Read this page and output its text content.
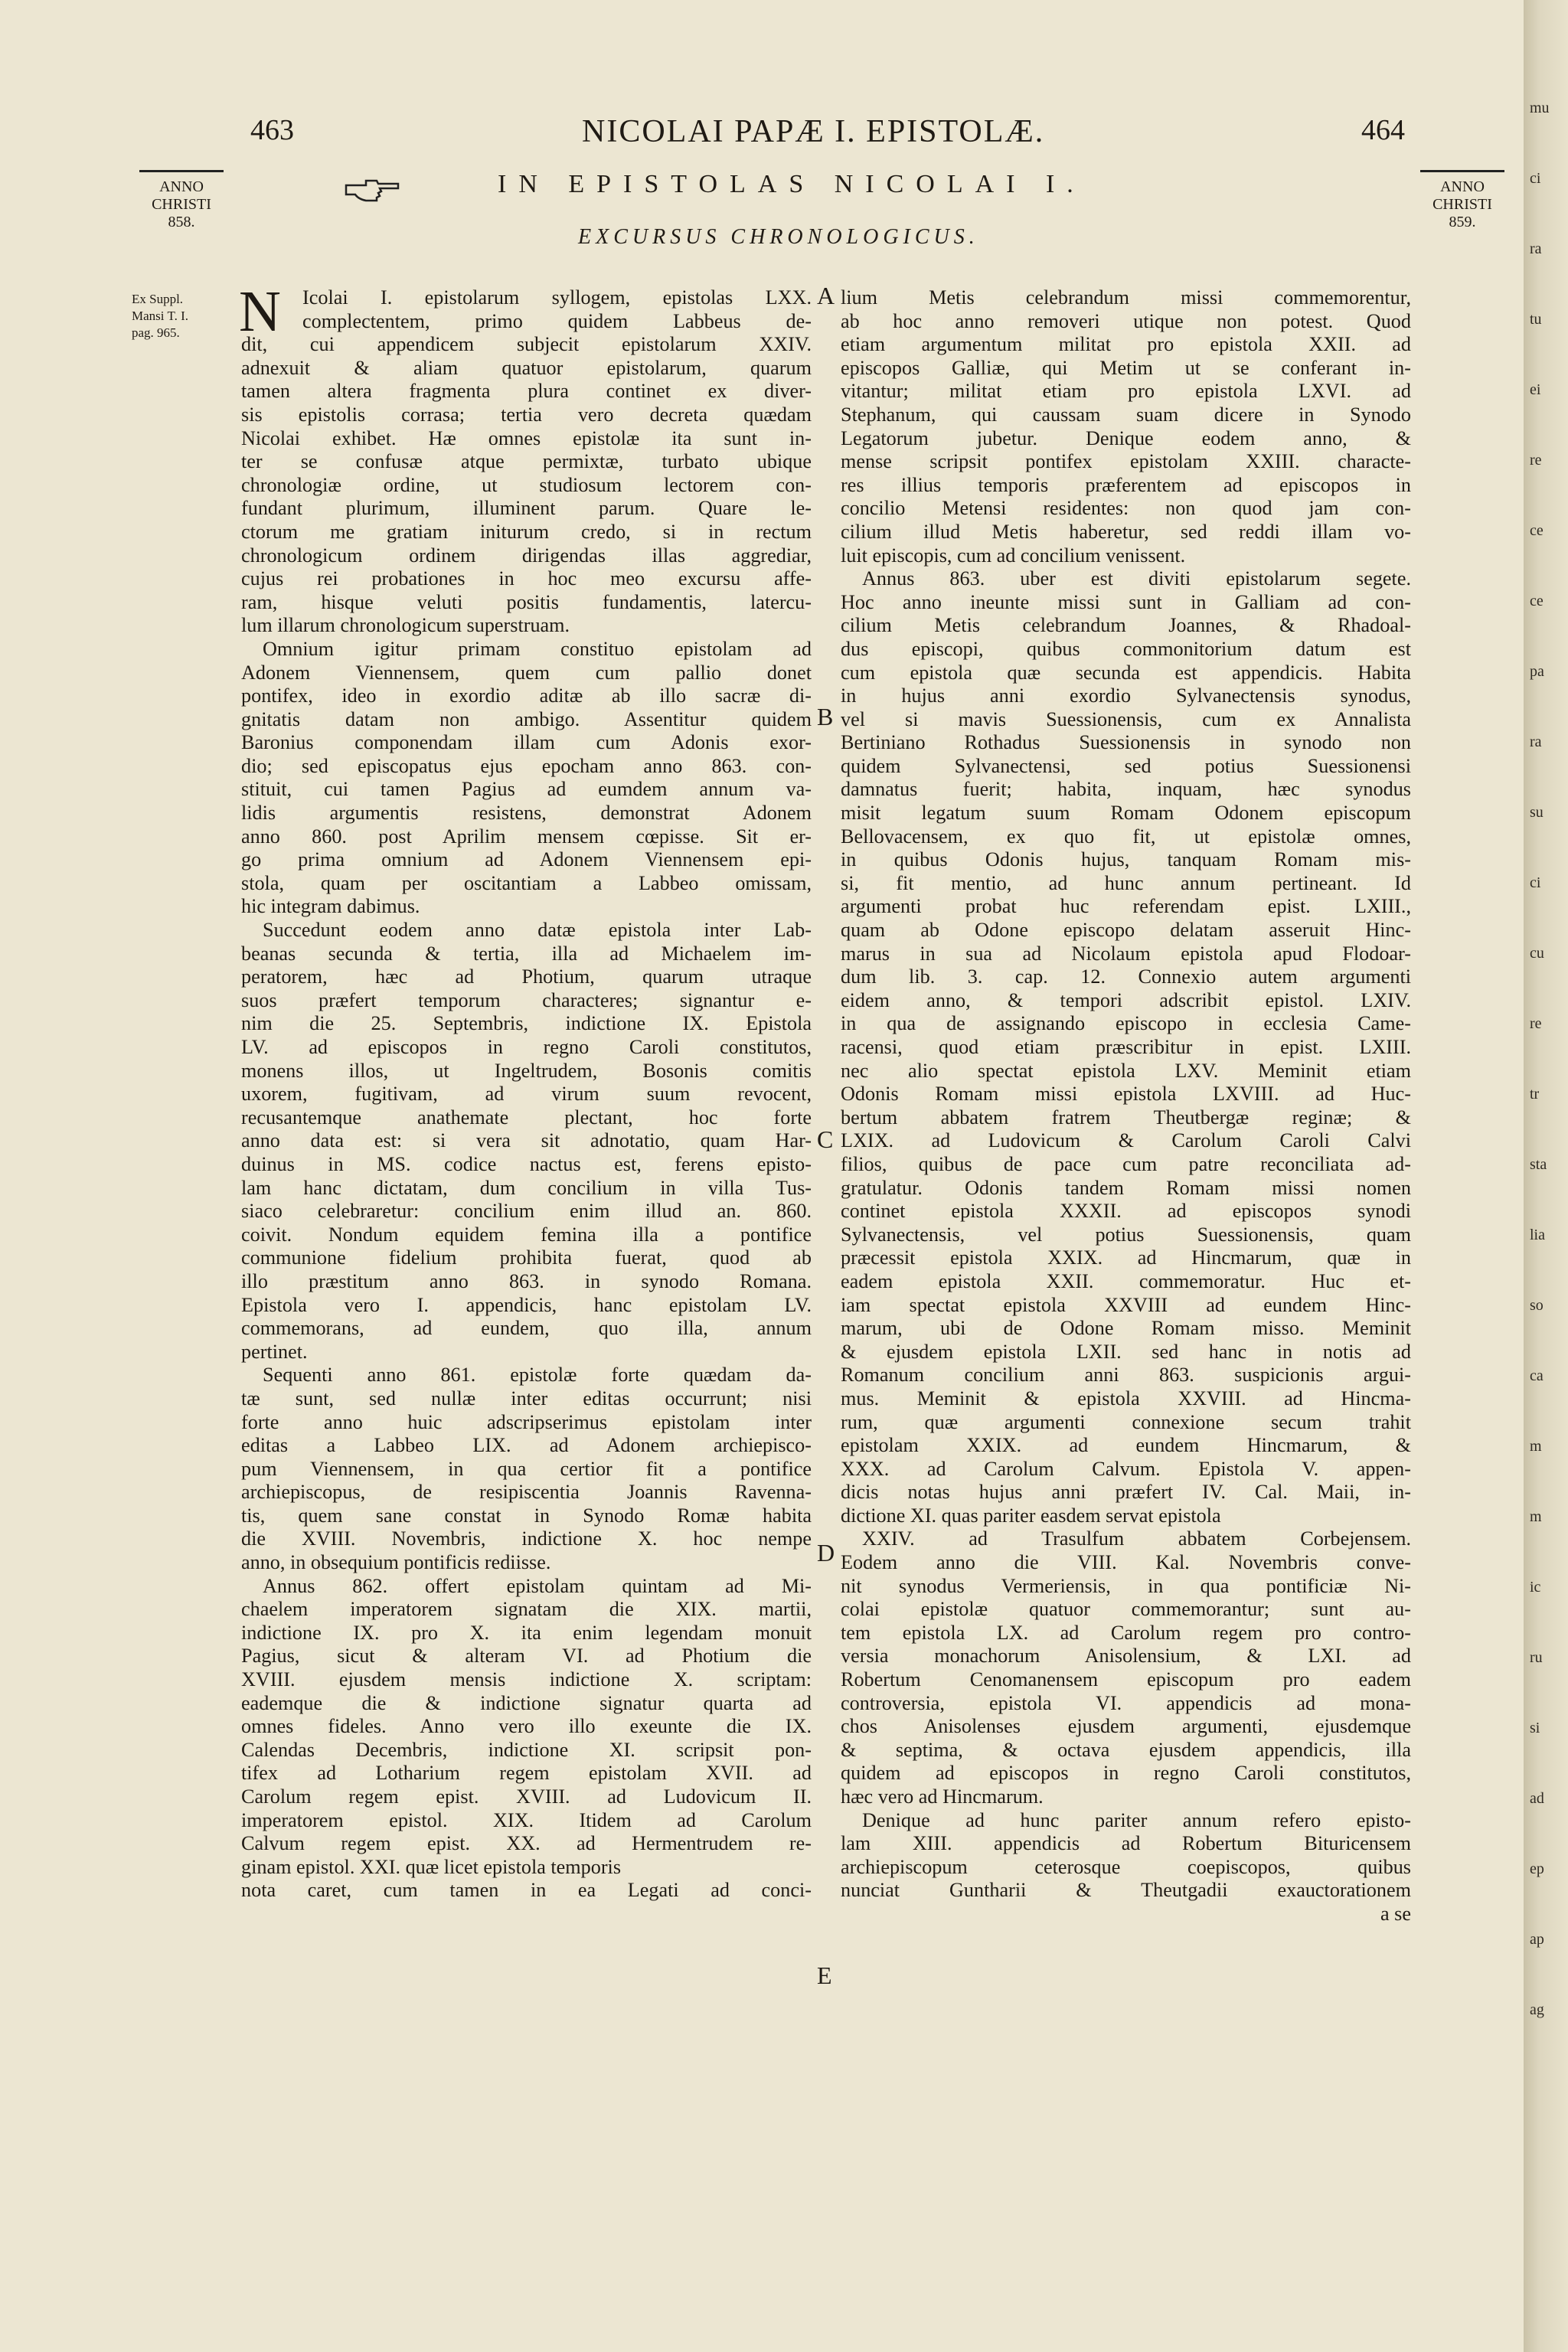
463	NICOLAI PAPÆ I. EPISTOLÆ.	464
ANNO
CHRISTI
858.
ANNO
CHRISTI
859.
IN EPISTOLAS NICOLAI I.
EXCURSUS CHRONOLOGICUS.
Ex Suppl.
Mansi T. I.
pag. 965.	N	A
B
C
D
E
Icolai I. epistolarum syllogem, epistolas LXX.
complectentem, primo quidem Labbeus de-
dit, cui appendicem subjecit epistolarum XXIV.
adnexuit & aliam quatuor epistolarum, quarum
tamen altera fragmenta plura continet ex diver-
sis epistolis corrasa; tertia vero decreta quædam
Nicolai exhibet. Hæ omnes epistolæ ita sunt in-
ter se confusæ atque permixtæ, turbato ubique
chronologiæ ordine, ut studiosum lectorem con-
fundant plurimum, illuminent parum. Quare le-
ctorum me gratiam initurum credo, si in rectum
chronologicum ordinem dirigendas illas aggrediar,
cujus rei probationes in hoc meo excursu affe-
ram, hisque veluti positis fundamentis, latercu-
lum illarum chronologicum superstruam.
Omnium igitur primam constituo epistolam ad
Adonem Viennensem, quem cum pallio donet
pontifex, ideo in exordio aditæ ab illo sacræ di-
gnitatis datam non ambigo. Assentitur quidem
Baronius componendam illam cum Adonis exor-
dio; sed episcopatus ejus epocham anno 863. con-
stituit, cui tamen Pagius ad eumdem annum va-
lidis argumentis resistens, demonstrat Adonem
anno 860. post Aprilim mensem cœpisse. Sit er-
go prima omnium ad Adonem Viennensem epi-
stola, quam per oscitantiam a Labbeo omissam,
hic integram dabimus.
Succedunt eodem anno datæ epistola inter Lab-
beanas secunda & tertia, illa ad Michaelem im-
peratorem, hæc ad Photium, quarum utraque
suos præfert temporum characteres; signantur e-
nim die 25. Septembris, indictione IX. Epistola
LV. ad episcopos in regno Caroli constitutos,
monens illos, ut Ingeltrudem, Bosonis comitis
uxorem, fugitivam, ad virum suum revocent,
recusantemque anathemate plectant, hoc forte
anno data est: si vera sit adnotatio, quam Har-
duinus in MS. codice nactus est, ferens episto-
lam hanc dictatam, dum concilium in villa Tus-
siaco celebraretur: concilium enim illud an. 860.
coivit. Nondum equidem femina illa a pontifice
communione fidelium prohibita fuerat, quod ab
illo præstitum anno 863. in synodo Romana.
Epistola vero I. appendicis, hanc epistolam LV.
commemorans, ad eundem, quo illa, annum
pertinet.
Sequenti anno 861. epistolæ forte quædam da-
tæ sunt, sed nullæ inter editas occurrunt; nisi
forte anno huic adscripserimus epistolam inter
editas a Labbeo LIX. ad Adonem archiepisco-
pum Viennensem, in qua certior fit a pontifice
archiepiscopus, de resipiscentia Joannis Ravenna-
tis, quem sane constat in Synodo Romæ habita
die XVIII. Novembris, indictione X. hoc nempe
anno, in obsequium pontificis rediisse.
Annus 862. offert epistolam quintam ad Mi-
chaelem imperatorem signatam die XIX. martii,
indictione IX. pro X. ita enim legendam monuit
Pagius, sicut & alteram VI. ad Photium die
XVIII. ejusdem mensis indictione X. scriptam:
eademque die & indictione signatur quarta ad
omnes fideles. Anno vero illo exeunte die IX.
Calendas Decembris, indictione XI. scripsit pon-
tifex ad Lotharium regem epistolam XVII. ad
Carolum regem epist. XVIII. ad Ludovicum II.
imperatorem epistol. XIX. Itidem ad Carolum
Calvum regem epist. XX. ad Hermentrudem re-
ginam epistol. XXI. quæ licet epistola temporis
nota caret, cum tamen in ea Legati ad conci-
lium Metis celebrandum missi commemorentur,
ab hoc anno removeri utique non potest. Quod
etiam argumentum militat pro epistola XXII. ad
episcopos Galliæ, qui Metim ut se conferant in-
vitantur; militat etiam pro epistola LXVI. ad
Stephanum, qui caussam suam dicere in Synodo
Legatorum jubetur. Denique eodem anno, &
mense scripsit pontifex epistolam XXIII. characte-
res illius temporis præferentem ad episcopos in
concilio Metensi residentes: non quod jam con-
cilium illud Metis haberetur, sed reddi illam vo-
luit episcopis, cum ad concilium venissent.
Annus 863. uber est diviti epistolarum segete.
Hoc anno ineunte missi sunt in Galliam ad con-
cilium Metis celebrandum Joannes, & Rhadoal-
dus episcopi, quibus commonitorium datum est
cum epistola quæ secunda est appendicis. Habita
in hujus anni exordio Sylvanectensis synodus,
vel si mavis Suessionensis, cum ex Annalista
Bertiniano Rothadus Suessionensis in synodo non
quidem Sylvanectensi, sed potius Suessionensi
damnatus fuerit; habita, inquam, hæc synodus
misit legatum suum Romam Odonem episcopum
Bellovacensem, ex quo fit, ut epistolæ omnes,
in quibus Odonis hujus, tanquam Romam mis-
si, fit mentio, ad hunc annum pertineant. Id
argumenti probat huc referendam epist. LXIII.,
quam ab Odone episcopo delatam asseruit Hinc-
marus in sua ad Nicolaum epistola apud Flodoar-
dum lib. 3. cap. 12. Connexio autem argumenti
eidem anno, & tempori adscribit epistol. LXIV.
in qua de assignando episcopo in ecclesia Came-
racensi, quod etiam præscribitur in epist. LXIII.
nec alio spectat epistola LXV. Meminit etiam
Odonis Romam missi epistola LXVIII. ad Huc-
bertum abbatem fratrem Theutbergæ reginæ; &
LXIX. ad Ludovicum & Carolum Caroli Calvi
filios, quibus de pace cum patre reconciliata ad-
gratulatur. Odonis tandem Romam missi nomen
continet epistola XXXII. ad episcopos synodi
Sylvanectensis, vel potius Suessionensis, quam
præcessit epistola XXIX. ad Hincmarum, quæ in
eadem epistola XXII. commemoratur. Huc et-
iam spectat epistola XXVIII ad eundem Hinc-
marum, ubi de Odone Romam misso. Meminit
& ejusdem epistola LXII. sed hanc in notis ad
Romanum concilium anni 863. suspicionis argui-
mus. Meminit & epistola XXVIII. ad Hincma-
rum, quæ argumenti connexione secum trahit
epistolam XXIX. ad eundem Hincmarum, &
XXX. ad Carolum Calvum. Epistola V. appen-
dicis notas hujus anni præfert IV. Cal. Maii, in-
dictione XI. quas pariter easdem servat epistola
XXIV. ad Trasulfum abbatem Corbejensem.
Eodem anno die VIII. Kal. Novembris conve-
nit synodus Vermeriensis, in qua pontificiæ Ni-
colai epistolæ quatuor commemorantur; sunt au-
tem epistola LX. ad Carolum regem pro contro-
versia monachorum Anisolensium, & LXI. ad
Robertum Cenomanensem episcopum pro eadem
controversia, epistola VI. appendicis ad mona-
chos Anisolenses ejusdem argumenti, ejusdemque
& septima, & octava ejusdem appendicis, illa
quidem ad episcopos in regno Caroli constitutos,
hæc vero ad Hincmarum.
Denique ad hunc pariter annum refero episto-
lam XIII. appendicis ad Robertum Bituricensem
archiepiscopum ceterosque coepiscopos, quibus
nunciat Guntharii & Theutgadii exauctorationem
a se
mu
ci
ra
tu
ei
re
ce
ce
pa
ra
su
ci
cu
re
tr
sta
lia
so
ca
m
m
ic
ru
si
ad
ep
ap
ag
